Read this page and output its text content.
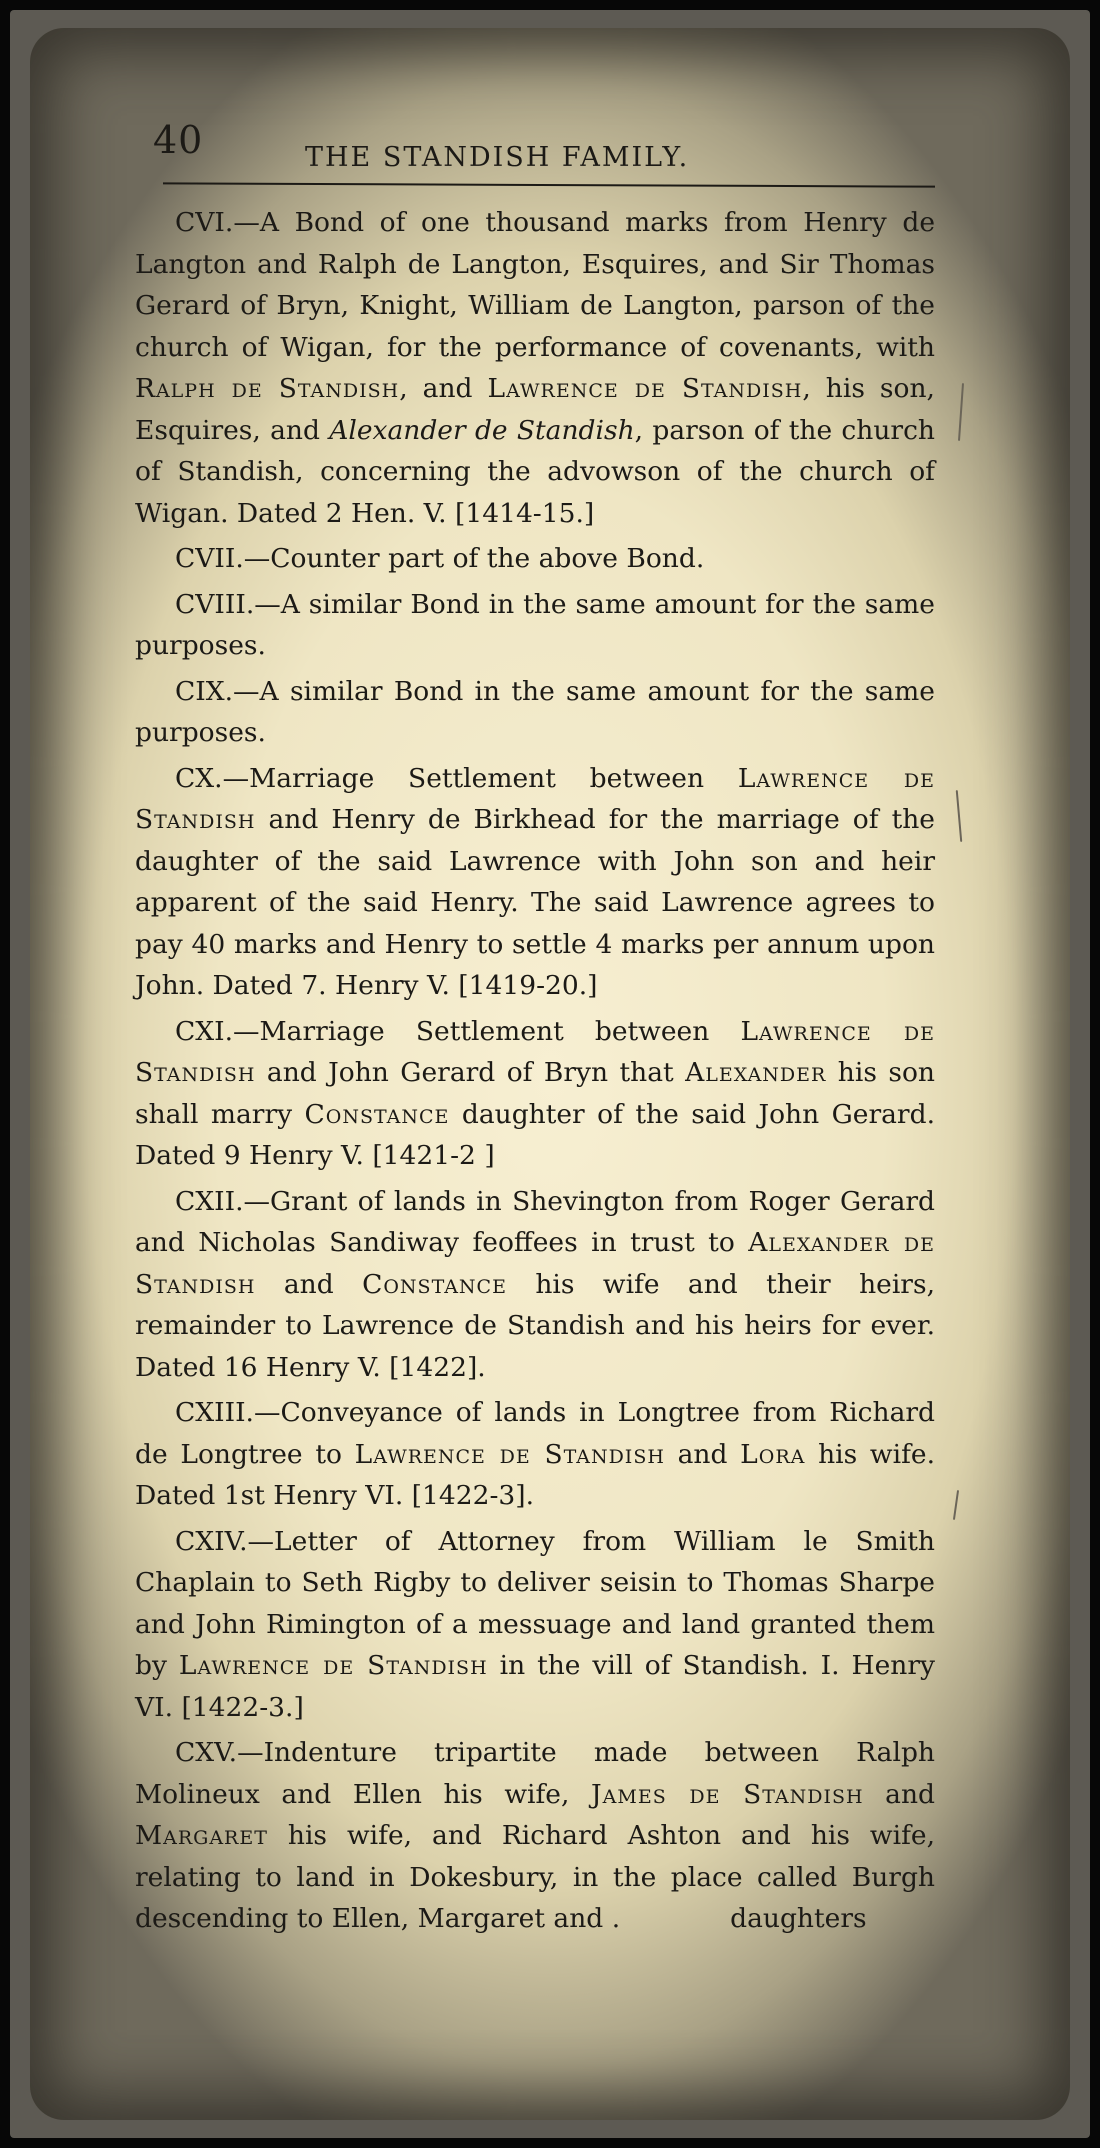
40	THE STANDISH FAMILY.

CVI.—A Bond of one thousand marks from Henry de Langton and Ralph de Langton, Esquires, and Sir Thomas Gerard of Bryn, Knight, William de Langton, parson of the church of Wigan, for the performance of covenants, with Ralph de Standish, and Lawrence de Standish, his son, Esquires, and Alexander de Standish, parson of the church of Standish, concerning the advowson of the church of Wigan. Dated 2 Hen. V. [1414-15.]

CVII.—Counter part of the above Bond.

CVIII.—A similar Bond in the same amount for the same purposes.

CIX.—A similar Bond in the same amount for the same purposes.

CX.—Marriage Settlement between Lawrence de Standish and Henry de Birkhead for the marriage of the daughter of the said Lawrence with John son and heir apparent of the said Henry. The said Lawrence agrees to pay 40 marks and Henry to settle 4 marks per annum upon John. Dated 7. Henry V. [1419-20.]

CXI.—Marriage Settlement between Lawrence de Standish and John Gerard of Bryn that Alexander his son shall marry Constance daughter of the said John Gerard. Dated 9 Henry V. [1421-2 ]

CXII.—Grant of lands in Shevington from Roger Gerard and Nicholas Sandiway feoffees in trust to Alexander de Standish and Constance his wife and their heirs, remainder to Lawrence de Standish and his heirs for ever. Dated 16 Henry V. [1422].

CXIII.—Conveyance of lands in Longtree from Richard de Longtree to Lawrence de Standish and Lora his wife. Dated 1st Henry VI. [1422-3].

CXIV.—Letter of Attorney from William le Smith Chaplain to Seth Rigby to deliver seisin to Thomas Sharpe and John Rimington of a messuage and land granted them by Lawrence de Standish in the vill of Standish. I. Henry VI. [1422-3.]

CXV.—Indenture tripartite made between Ralph Molineux and Ellen his wife, James de Standish and Margaret his wife, and Richard Ashton and his wife, relating to land in Dokesbury, in the place called Burgh descending to Ellen, Margaret and .	daughters
